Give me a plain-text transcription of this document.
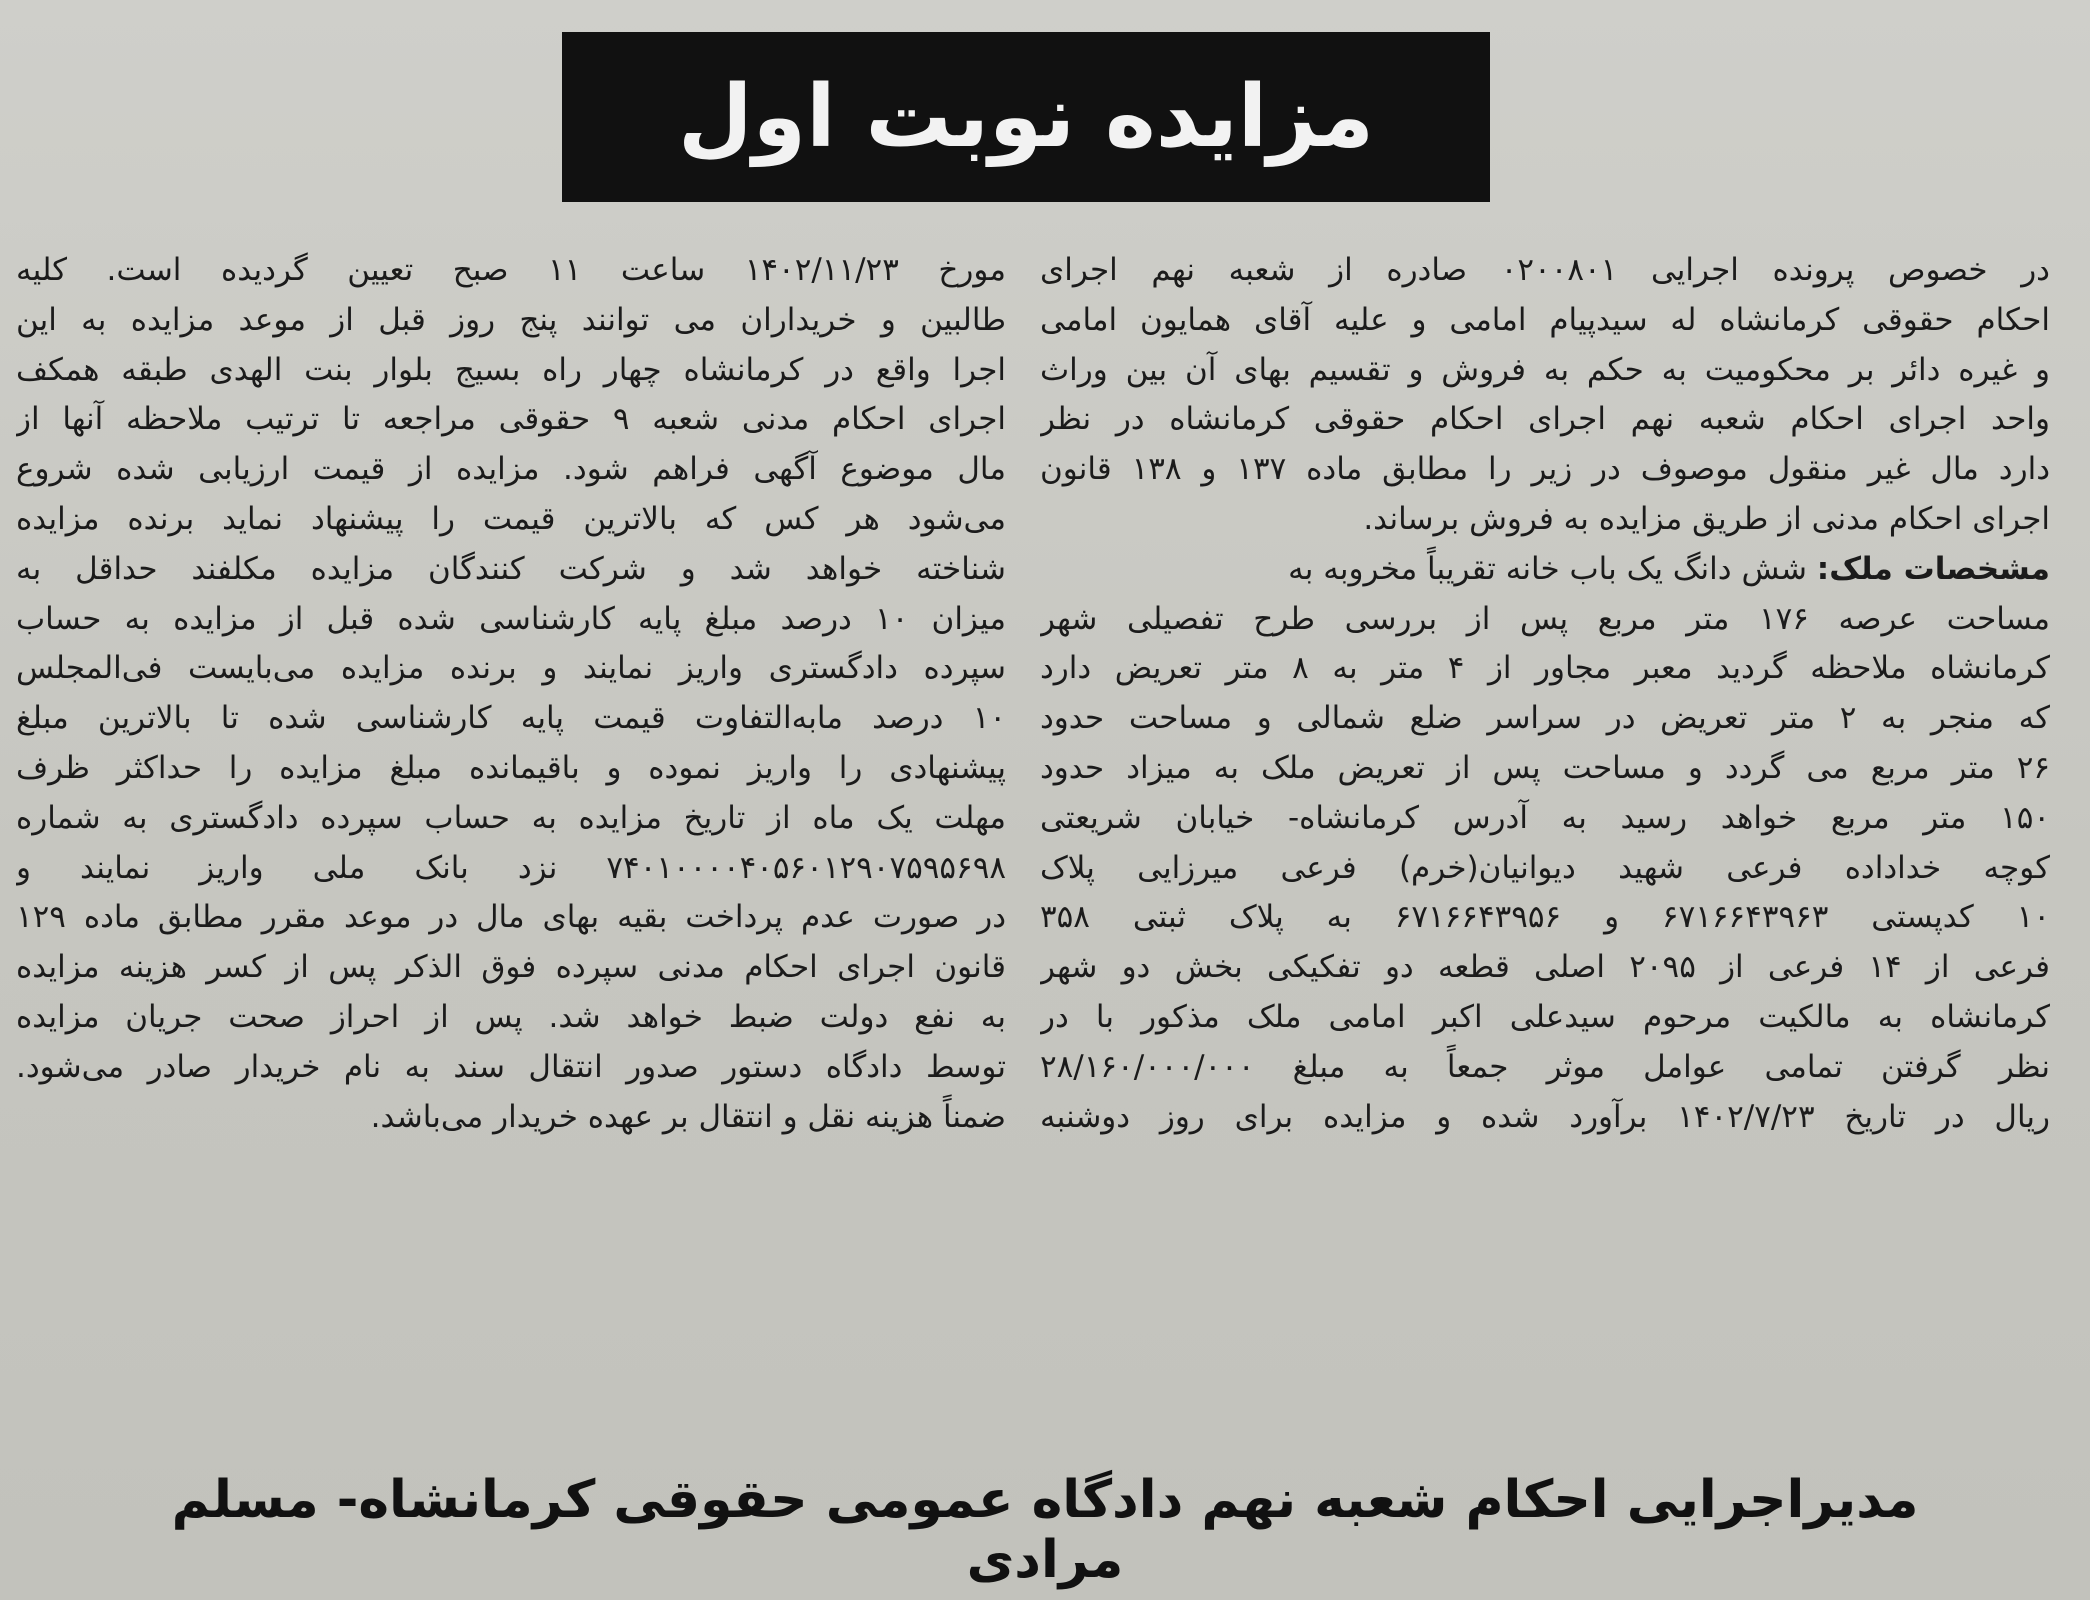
مزایده نوبت اول
در خصوص پرونده اجرایی ۰۲۰۰۸۰۱ صادره از شعبه نهم اجرای
احکام حقوقی کرمانشاه له سیدپیام امامی و علیه آقای همایون امامی
و غیره دائر بر محکومیت به حکم به فروش و تقسیم بهای آن بین وراث
واحد اجرای احکام شعبه نهم اجرای احکام حقوقی کرمانشاه در نظر
دارد مال غیر منقول موصوف در زیر را مطابق ماده ۱۳۷ و ۱۳۸ قانون
اجرای احکام مدنی از طریق مزایده به فروش برساند.
مشخصات ملک: شش دانگ یک باب خانه تقریباً مخروبه به
مساحت عرصه ۱۷۶ متر مربع پس از بررسی طرح تفصیلی شهر
کرمانشاه ملاحظه گردید معبر مجاور از ۴ متر به ۸ متر تعریض دارد
که منجر به ۲ متر تعریض در سراسر ضلع شمالی و مساحت حدود
۲۶ متر مربع می گردد و مساحت پس از تعریض ملک به میزاد حدود
۱۵۰ متر مربع خواهد رسید به آدرس کرمانشاه- خیابان شریعتی
کوچه خداداده فرعی شهید دیوانیان(خرم) فرعی میرزایی پلاک
۱۰ کدپستی ۶۷۱۶۶۴۳۹۶۳ و ۶۷۱۶۶۴۳۹۵۶ به پلاک ثبتی ۳۵۸
فرعی از ۱۴ فرعی از ۲۰۹۵ اصلی قطعه دو تفکیکی بخش دو شهر
کرمانشاه به مالکیت مرحوم سیدعلی اکبر امامی ملک مذکور با در
نظر گرفتن تمامی عوامل موثر جمعاً به مبلغ ۲۸/۱۶۰/۰۰۰/۰۰۰
ریال در تاریخ ۱۴۰۲/۷/۲۳ برآورد شده و مزایده برای روز دوشنبه
مورخ ۱۴۰۲/۱۱/۲۳ ساعت ۱۱ صبح تعیین گردیده است. کلیه
طالبین و خریداران می توانند پنج روز قبل از موعد مزایده به این
اجرا واقع در کرمانشاه چهار راه بسیج بلوار بنت الهدی طبقه همکف
اجرای احکام مدنی شعبه ۹ حقوقی مراجعه تا ترتیب ملاحظه آنها از
مال موضوع آگهی فراهم شود. مزایده از قیمت ارزیابی شده شروع
می‌شود هر کس که بالاترین قیمت را پیشنهاد نماید برنده مزایده
شناخته خواهد شد و شرکت کنندگان مزایده مکلفند حداقل به
میزان ۱۰ درصد مبلغ پایه کارشناسی شده قبل از مزایده به حساب
سپرده دادگستری واریز نمایند و برنده مزایده می‌بایست فی‌المجلس
۱۰ درصد مابه‌التفاوت قیمت پایه کارشناسی شده تا بالاترین مبلغ
پیشنهادی را واریز نموده و باقیمانده مبلغ مزایده را حداکثر ظرف
مهلت یک ماه از تاریخ مزایده به حساب سپرده دادگستری به شماره
۷۴۰۱۰۰۰۰۴۰۵۶۰۱۲۹۰۷۵۹۵۶۹۸ نزد بانک ملی واریز نمایند و
در صورت عدم پرداخت بقیه بهای مال در موعد مقرر مطابق ماده ۱۲۹
قانون اجرای احکام مدنی سپرده فوق الذکر پس از کسر هزینه مزایده
به نفع دولت ضبط خواهد شد. پس از احراز صحت جریان مزایده
توسط دادگاه دستور صدور انتقال سند به نام خریدار صادر می‌شود.
ضمناً هزینه نقل و انتقال بر عهده خریدار می‌باشد.
مدیراجرایی احکام شعبه نهم دادگاه عمومی حقوقی کرمانشاه- مسلم مرادی
